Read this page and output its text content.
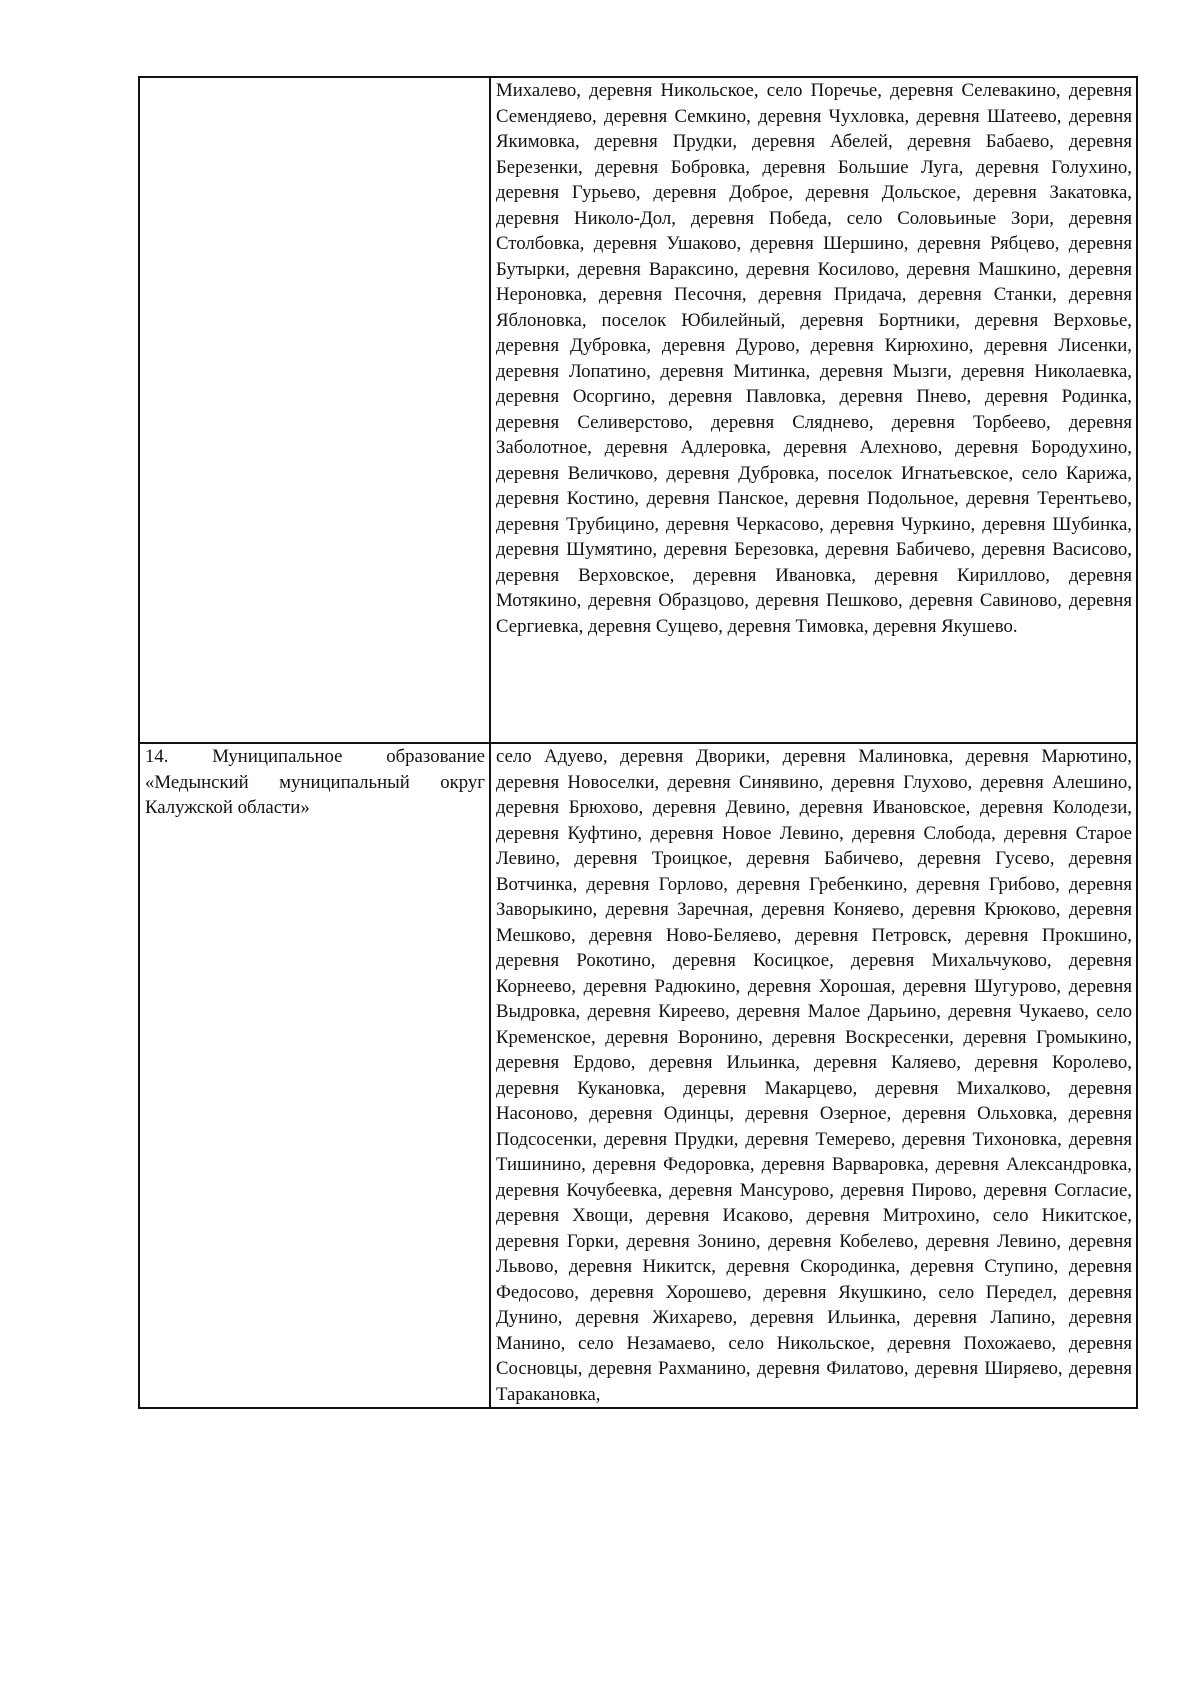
	Михалево, деревня Никольское, село Поречье, деревня Селевакино, деревня Семендяево, деревня Семкино, деревня Чухловка, деревня Шатеево, деревня Якимовка, деревня Прудки, деревня Абелей, деревня Бабаево, деревня Березенки, деревня Бобровка, деревня Большие Луга, деревня Голухино, деревня Гурьево, деревня Доброе, деревня Дольское, деревня Закатовка, деревня Николо-Дол, деревня Победа, село Соловьиные Зори, деревня Столбовка, деревня Ушаково, деревня Шершино, деревня Рябцево, деревня Бутырки, деревня Вараксино, деревня Косилово, деревня Машкино, деревня Нероновка, деревня Песочня, деревня Придача, деревня Станки, деревня Яблоновка, поселок Юбилейный, деревня Бортники, деревня Верховье, деревня Дубровка, деревня Дурово, деревня Кирюхино, деревня Лисенки, деревня Лопатино, деревня Митинка, деревня Мызги, деревня Николаевка, деревня Осоргино, деревня Павловка, деревня Пнево, деревня Родинка, деревня Селиверстово, деревня Сляднево, деревня Торбеево, деревня Заболотное, деревня Адлеровка, деревня Алехново, деревня Бородухино, деревня Величково, деревня Дубровка, поселок Игнатьевское, село Карижа, деревня Костино, деревня Панское, деревня Подольное, деревня Терентьево, деревня Трубицино, деревня Черкасово, деревня Чуркино, деревня Шубинка, деревня Шумятино, деревня Березовка, деревня Бабичево, деревня Васисово, деревня Верховское, деревня Ивановка, деревня Кириллово, деревня Мотякино, деревня Образцово, деревня Пешково, деревня Савиново, деревня Сергиевка, деревня Сущево, деревня Тимовка, деревня Якушево.

14. Муниципальное образование «Медынский муниципальный округ Калужской области»	село Адуево, деревня Дворики, деревня Малиновка, деревня Марютино, деревня Новоселки, деревня Синявино, деревня Глухово, деревня Алешино, деревня Брюхово, деревня Девино, деревня Ивановское, деревня Колодези, деревня Куфтино, деревня Новое Левино, деревня Слобода, деревня Старое Левино, деревня Троицкое, деревня Бабичево, деревня Гусево, деревня Вотчинка, деревня Горлово, деревня Гребенкино, деревня Грибово, деревня Заворыкино, деревня Заречная, деревня Коняево, деревня Крюково, деревня Мешково, деревня Ново-Беляево, деревня Петровск, деревня Прокшино, деревня Рокотино, деревня Косицкое, деревня Михальчуково, деревня Корнеево, деревня Радюкино, деревня Хорошая, деревня Шугурово, деревня Выдровка, деревня Киреево, деревня Малое Дарьино, деревня Чукаево, село Кременское, деревня Воронино, деревня Воскресенки, деревня Громыкино, деревня Ердово, деревня Ильинка, деревня Каляево, деревня Королево, деревня Кукановка, деревня Макарцево, деревня Михалково, деревня Насоново, деревня Одинцы, деревня Озерное, деревня Ольховка, деревня Подсосенки, деревня Прудки, деревня Темерево, деревня Тихоновка, деревня Тишинино, деревня Федоровка, деревня Варваровка, деревня Александровка, деревня Кочубеевка, деревня Мансурово, деревня Пирово, деревня Согласие, деревня Хвощи, деревня Исаково, деревня Митрохино, село Никитское, деревня Горки, деревня Зонино, деревня Кобелево, деревня Левино, деревня Львово, деревня Никитск, деревня Скородинка, деревня Ступино, деревня Федосово, деревня Хорошево, деревня Якушкино, село Передел, деревня Дунино, деревня Жихарево, деревня Ильинка, деревня Лапино, деревня Манино, село Незамаево, село Никольское, деревня Похожаево, деревня Сосновцы, деревня Рахманино, деревня Филатово, деревня Ширяево, деревня Таракановка,
